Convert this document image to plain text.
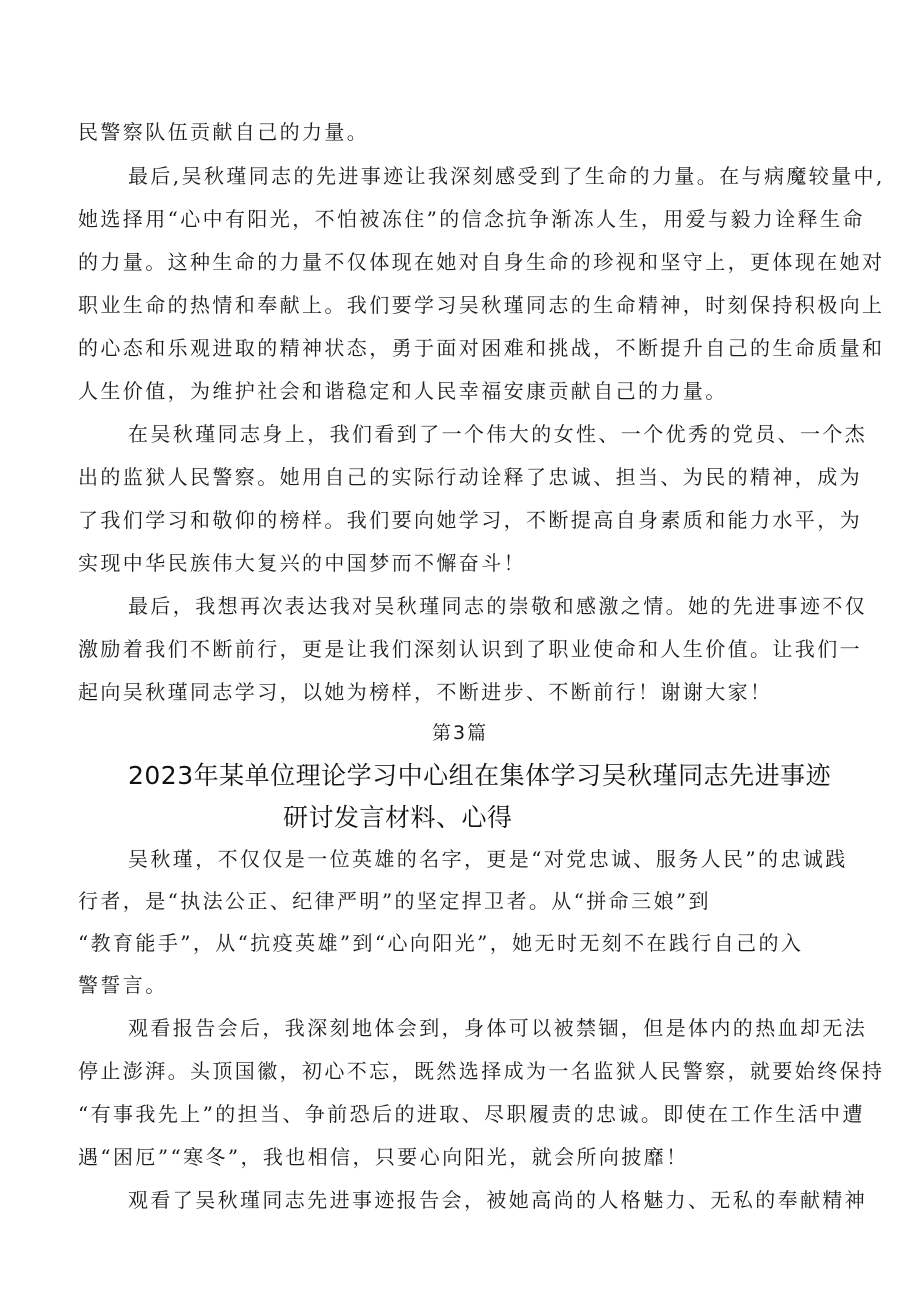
民警察队伍贡献自己的力量。
最后,吴秋瑾同志的先进事迹让我深刻感受到了生命的力量。在与病魔较量中,
她选择用“心中有阳光，不怕被冻住”的信念抗争渐冻人生，用爱与毅力诠释生命
的力量。这种生命的力量不仅体现在她对自身生命的珍视和坚守上，更体现在她对
职业生命的热情和奉献上。我们要学习吴秋瑾同志的生命精神，时刻保持积极向上
的心态和乐观进取的精神状态，勇于面对困难和挑战，不断提升自己的生命质量和
人生价值，为维护社会和谐稳定和人民幸福安康贡献自己的力量。
在吴秋瑾同志身上，我们看到了一个伟大的女性、一个优秀的党员、一个杰
出的监狱人民警察。她用自己的实际行动诠释了忠诚、担当、为民的精神，成为
了我们学习和敬仰的榜样。我们要向她学习，不断提高自身素质和能力水平，为
实现中华民族伟大复兴的中国梦而不懈奋斗！
最后，我想再次表达我对吴秋瑾同志的崇敬和感激之情。她的先进事迹不仅
激励着我们不断前行，更是让我们深刻认识到了职业使命和人生价值。让我们一
起向吴秋瑾同志学习，以她为榜样，不断进步、不断前行！谢谢大家！
第3篇
2023年某单位理论学习中心组在集体学习吴秋瑾同志先进事迹
研讨发言材料、心得
吴秋瑾，不仅仅是一位英雄的名字，更是“对党忠诚、服务人民”的忠诚践
行者，是“执法公正、纪律严明”的坚定捍卫者。从“拼命三娘”到
“教育能手”，从“抗疫英雄”到“心向阳光”，她无时无刻不在践行自己的入
警誓言。
观看报告会后，我深刻地体会到，身体可以被禁锢，但是体内的热血却无法
停止澎湃。头顶国徽，初心不忘，既然选择成为一名监狱人民警察，就要始终保持
“有事我先上”的担当、争前恐后的进取、尽职履责的忠诚。即使在工作生活中遭
遇“困厄”“寒冬”，我也相信，只要心向阳光，就会所向披靡！
观看了吴秋瑾同志先进事迹报告会，被她高尚的人格魅力、无私的奉献精神
